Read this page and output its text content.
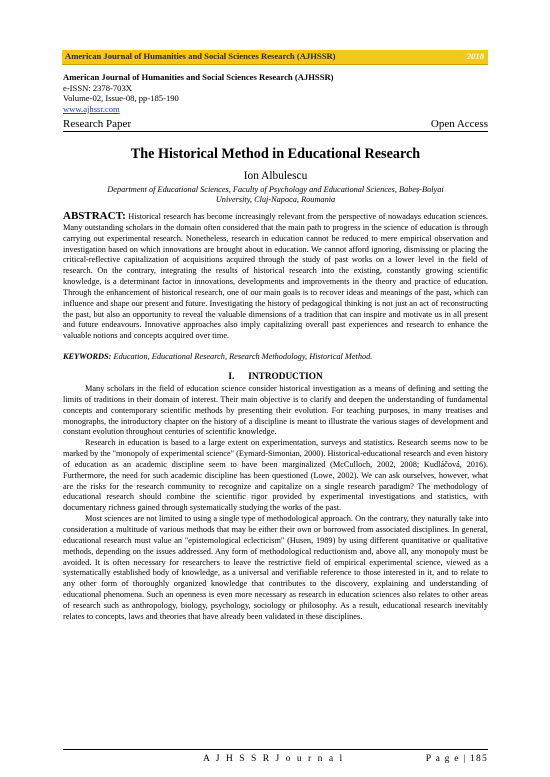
American Journal of Humanities and Social Sciences Research (AJHSSR)	2018
American Journal of Humanities and Social Sciences Research (AJHSSR)
e-ISSN: 2378-703X
Volume-02, Issue-08, pp-185-190
www.ajhssr.com
Research Paper	Open Access
The Historical Method in Educational Research
Ion Albulescu
Department of Educational Sciences, Faculty of Psychology and Educational Sciences, Babeș-Bolyai
University, Cluj-Napoca, Roumania

ABSTRACT: Historical research has become increasingly relevant from the perspective of nowadays education sciences. Many outstanding scholars in the domain often considered that the main path to progress in the science of education is through carrying out experimental research. Nonetheless, research in education cannot be reduced to mere empirical observation and investigation based on which innovations are brought about in education. We cannot afford ignoring, dismissing or placing the critical-reflective capitalization of acquisitions acquired through the study of past works on a lower level in the field of research. On the contrary, integrating the results of historical research into the existing, constantly growing scientific knowledge, is a determinant factor in innovations, developments and improvements in the theory and practice of education. Through the enhancement of historical research, one of our main goals is to recover ideas and meanings of the past, which can influence and shape our present and future. Investigating the history of pedagogical thinking is not just an act of reconstructing the past, but also an opportunity to reveal the valuable dimensions of a tradition that can inspire and motivate us in all present and future endeavours. Innovative approaches also imply capitalizing overall past experiences and research to enhance the valuable notions and concepts acquired over time.

KEYWORDS: Education, Educational Research, Research Methodology, Historical Method.
I. INTRODUCTION

Many scholars in the field of education science consider historical investigation as a means of defining and setting the limits of traditions in their domain of interest. Their main objective is to clarify and deepen the understanding of fundamental concepts and contemporary scientific methods by presenting their evolution. For teaching purposes, in many treatises and monographs, the introductory chapter on the history of a discipline is meant to illustrate the various stages of development and constant evolution throughout centuries of scientific knowledge.

Research in education is based to a large extent on experimentation, surveys and statistics. Research seems now to be marked by the "monopoly of experimental science" (Eymard-Simonian, 2000). Historical-educational research and even history of education as an academic discipline seem to have been marginalized (McCulloch, 2002, 2008; Kudláčová, 2016). Furthermore, the need for such academic discipline has been questioned (Lowe, 2002). We can ask ourselves, however, what are the risks for the research community to recognize and capitalize on a single research paradigm? The methodology of educational research should combine the scientific rigor provided by experimental investigations and statistics, with documentary richness gained through systematically studying the works of the past.

Most sciences are not limited to using a single type of methodological approach. On the contrary, they naturally take into consideration a multitude of various methods that may be either their own or borrowed from associated disciplines. In general, educational research must value an "epistemological eclecticism" (Husen, 1989) by using different quantitative or qualitative methods, depending on the issues addressed. Any form of methodological reductionism and, above all, any monopoly must be avoided. It is often necessary for researchers to leave the restrictive field of empirical experimental science, viewed as a systematically established body of knowledge, as a universal and verifiable reference to those interested in it, and to relate to any other form of thoroughly organized knowledge that contributes to the discovery, explaining and understanding of educational phenomena. Such an openness is even more necessary as research in education sciences also relates to other areas of research such as anthropology, biology, psychology, sociology or philosophy. As a result, educational research inevitably relates to concepts, laws and theories that have already been validated in these disciplines.

A J H S S R J o u r n a l	P a g e | 185
